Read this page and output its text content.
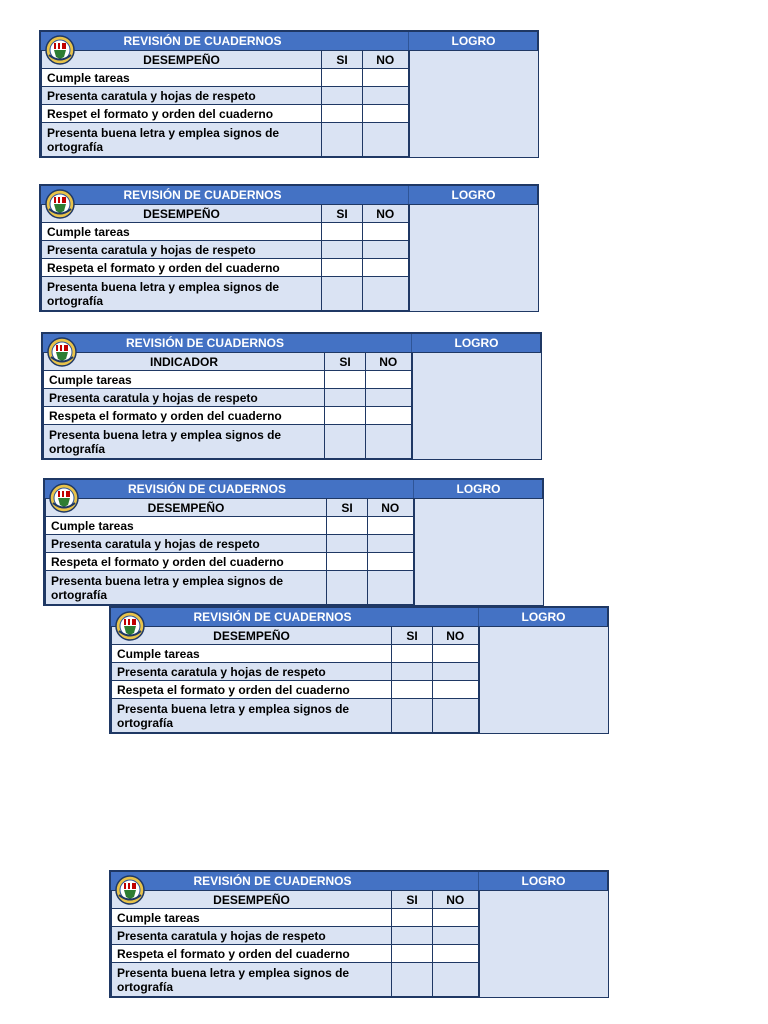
REVISIÓN DE CUADERNOS	LOGRO
DESEMPEÑO	SI	NO	
Cumple tareas			
Presenta caratula y hojas de respeto			
Respet el formato y orden del cuaderno			
Presenta buena letra y emplea signos de ortografía			
REVISIÓN DE CUADERNOS	LOGRO
DESEMPEÑO	SI	NO	
Cumple tareas			
Presenta caratula y hojas de respeto			
Respeta el formato y orden del cuaderno			
Presenta buena letra y emplea signos de ortografía			
REVISIÓN DE CUADERNOS	LOGRO
INDICADOR	SI	NO	
Cumple tareas			
Presenta caratula y hojas de respeto			
Respeta el formato y orden del cuaderno			
Presenta buena letra y emplea signos de ortografía			
REVISIÓN DE CUADERNOS	LOGRO
DESEMPEÑO	SI	NO	
Cumple tareas			
Presenta caratula y hojas de respeto			
Respeta el formato y orden del cuaderno			
Presenta buena letra y emplea signos de ortografía			
REVISIÓN DE CUADERNOS	LOGRO
DESEMPEÑO	SI	NO	
Cumple tareas			
Presenta caratula y hojas de respeto			
Respeta el formato y orden del cuaderno			
Presenta buena letra y emplea signos de ortografía			
REVISIÓN DE CUADERNOS	LOGRO
DESEMPEÑO	SI	NO	
Cumple tareas			
Presenta caratula y hojas de respeto			
Respeta el formato y orden del cuaderno			
Presenta buena letra y emplea signos de ortografía			
